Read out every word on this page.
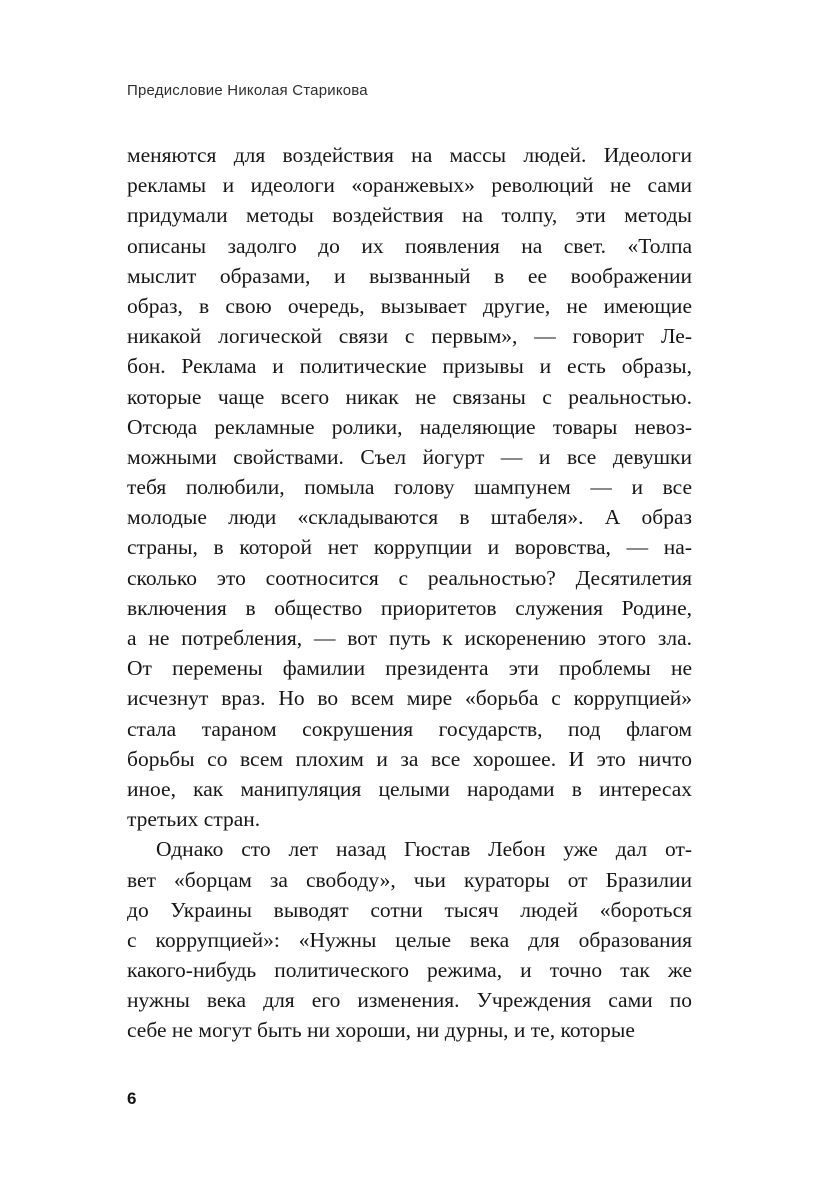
Предисловие Николая Старикова
меняются для воздействия на массы людей. Идеологи
рекламы и идеологи «оранжевых» революций не сами
придумали методы воздействия на толпу, эти методы
описаны задолго до их появления на свет. «Толпа
мыслит образами, и вызванный в ее воображении
образ, в свою очередь, вызывает другие, не имеющие
никакой логической связи с первым», — говорит Ле-
бон. Реклама и политические призывы и есть образы,
которые чаще всего никак не связаны с реальностью.
Отсюда рекламные ролики, наделяющие товары невоз-
можными свойствами. Съел йогурт — и все девушки
тебя полюбили, помыла голову шампунем — и все
молодые люди «складываются в штабеля». А образ
страны, в которой нет коррупции и воровства, — на-
сколько это соотносится с реальностью? Десятилетия
включения в общество приоритетов служения Родине,
а не потребления, — вот путь к искоренению этого зла.
От перемены фамилии президента эти проблемы не
исчезнут враз. Но во всем мире «борьба с коррупцией»
стала тараном сокрушения государств, под флагом
борьбы со всем плохим и за все хорошее. И это ничто
иное, как манипуляция целыми народами в интересах
третьих стран.
Однако сто лет назад Гюстав Лебон уже дал от-
вет «борцам за свободу», чьи кураторы от Бразилии
до Украины выводят сотни тысяч людей «бороться
с коррупцией»: «Нужны целые века для образования
какого-нибудь политического режима, и точно так же
нужны века для его изменения. Учреждения сами по
себе не могут быть ни хороши, ни дурны, и те, которые
6
